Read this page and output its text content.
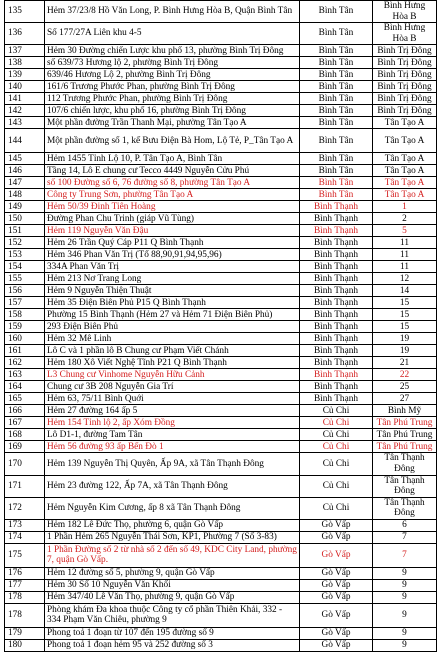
135	Hẻm 37/23/8 Hồ Văn Long, P. Bình Hưng Hòa B, Quận Bình Tân	Bình Tân	Bình Hưng Hòa B
136	Số 177/27A Liên khu 4-5	Bình Tân	Bình Hưng Hòa B
137	Hẻm 30 Đường chiến Lược khu phố 13, phường Bình Trị Đông	Bình Tân	Bình Trị Đông
138	số 639/73 Hương lộ 2, phường Bình Trị Đông	Bình Tân	Bình Trị Đông
139	639/46 Hương Lộ 2, phường Bình Trị Đông	Bình Tân	Bình Trị Đông
140	161/6 Trương Phước Phan, phường Bình Trị Đông	Bình Tân	Bình Trị Đông
141	112 Trương Phước Phan, phường Bình Trị Đông	Bình Tân	Bình Trị Đông
142	107/6 chiến lược, khu phố 16, phường Bình Trị Đông	Bình Tân	Bình Trị Đông
143	Một phần đường Trần Thanh Mại, phường Tân Tạo A	Bình Tân	Tân Tạo A
144	Một phần đường số 1, kế Bưu Điện Bà Hom, Lộ Tẻ, P_Tân Tạo A	Bình Tân	Tân Tạo A
145	Hẻm 1455 Tỉnh Lộ 10, P. Tân Tạo A, Bình Tân	Bình Tân	Tân Tạo A
146	Tầng 14, Lô E chung cư Tecco 4449 Nguyễn Cửu Phú	Bình Tân	Tân Tạo A
147	số 100 Đường số 6, 76 đường số 8, phường Tân Tạo A	Bình Tân	Tân Tạo A
148	Công ty Trung Sơn, phường Tân Tạo A	Bình Tân	Tân Tạo A
149	Hẻm 50/39 Đinh Tiên Hoàng	Bình Thạnh	1
150	Đường Phan Chu Trinh (giáp Vũ Tùng)	Bình Thạnh	2
151	Hẻm 119 Nguyễn Văn Đậu	Bình Thạnh	5
152	Hẻm 26 Trần Quý Cáp P11 Q Bình Thạnh	Bình Thạnh	11
153	Hẻm 346 Phan Văn Trị (Tổ 88,90,91,94,95,96)	Bình Thạnh	11
154	334A Phan Văn Trị	Bình Thạnh	11
155	Hẻm 213 Nơ Trang Long	Bình Thạnh	12
156	Hẻm 9 Nguyễn Thiện Thuật	Bình Thạnh	14
157	Hẻm 35 Điện Biên Phủ P15 Q Bình Thạnh	Bình Thạnh	15
158	Phường 15 Bình Thạnh (Hẻm 27 và Hẻm 71 Điện Biên Phủ)	Bình Thạnh	15
159	293 Điện Biên Phủ	Bình Thạnh	15
160	Hẻm 32 Mê Linh	Bình Thạnh	19
161	Lô C và 1 phần lô B Chung cư Phạm Viết Chánh	Bình Thạnh	19
162	Hẻm 180 Xô Viết Nghệ Tĩnh P21 Q Bình Thạnh	Bình Thạnh	21
163	L3 Chung cư Vinhome Nguyễn Hữu Cảnh	Bình Thạnh	22
164	Chung cư 3B 208 Nguyễn Gia Trí	Bình Thạnh	25
165	Hẻm 63, 75/11 Bình Quới	Bình Thạnh	27
166	Hẻm 27 đường 164 ấp 5	Củ Chi	Bình Mỹ
167	Hẻm 154 Tỉnh lộ 2, ấp Xóm Đồng	Củ Chi	Tân Phú Trung
168	Lô D1-1, đường Tam Tân	Củ Chi	Tân Phú Trung
169	Hẻm 56 đường 93 ấp Bến Đò 1	Củ Chi	Tân Phú Trung
170	Hẻm 139 Nguyễn Thị Quyên, Ấp 9A, xã Tân Thạnh Đông	Củ Chi	Tân Thạnh Đông
171	Hẻm 23 đường 122, Ấp 7A, xã Tân Thạnh Đông	Củ Chi	Tân Thạnh Đông
172	Hẻm Nguyễn Kim Cương, ấp 8 xã Tân Thạnh Đông	Củ Chi	Tân Thạnh Đông
173	Hẻm 182 Lê Đức Thọ, phường 6, quận Gò Vấp	Gò Vấp	6
174	1 Phần Hẻm 265 Nguyễn Thái Sơn, KP1, Phường 7 (Số 3-83)	Gò Vấp	7
175	1 Phần Đường số 2 từ nhà số 2 đến số 49, KDC City Land, phường 7, quận Gò Vấp.	Gò Vấp	7
176	Hẻm 12 đường số 5, phường 9, quận Gò Vấp	Gò Vấp	9
177	Hẻm 30 Số 10 Nguyễn Văn Khối	Gò Vấp	9
178	Hẻm 347/40 Lê Văn Thọ, phường 9, quận Gò Vấp	Gò Vấp	9
178	Phòng khám Đa khoa thuộc Công ty cổ phần Thiên Khải, 332 - 334 Phạm Văn Chiêu, phường 9	Gò Vấp	9
179	Phong toả 1 đoạn từ 107 đến 195 đường số 9	Gò Vấp	9
180	Phong toả 1 đoạn hẻm 95 và 252 đường số 3	Gò Vấp	9
